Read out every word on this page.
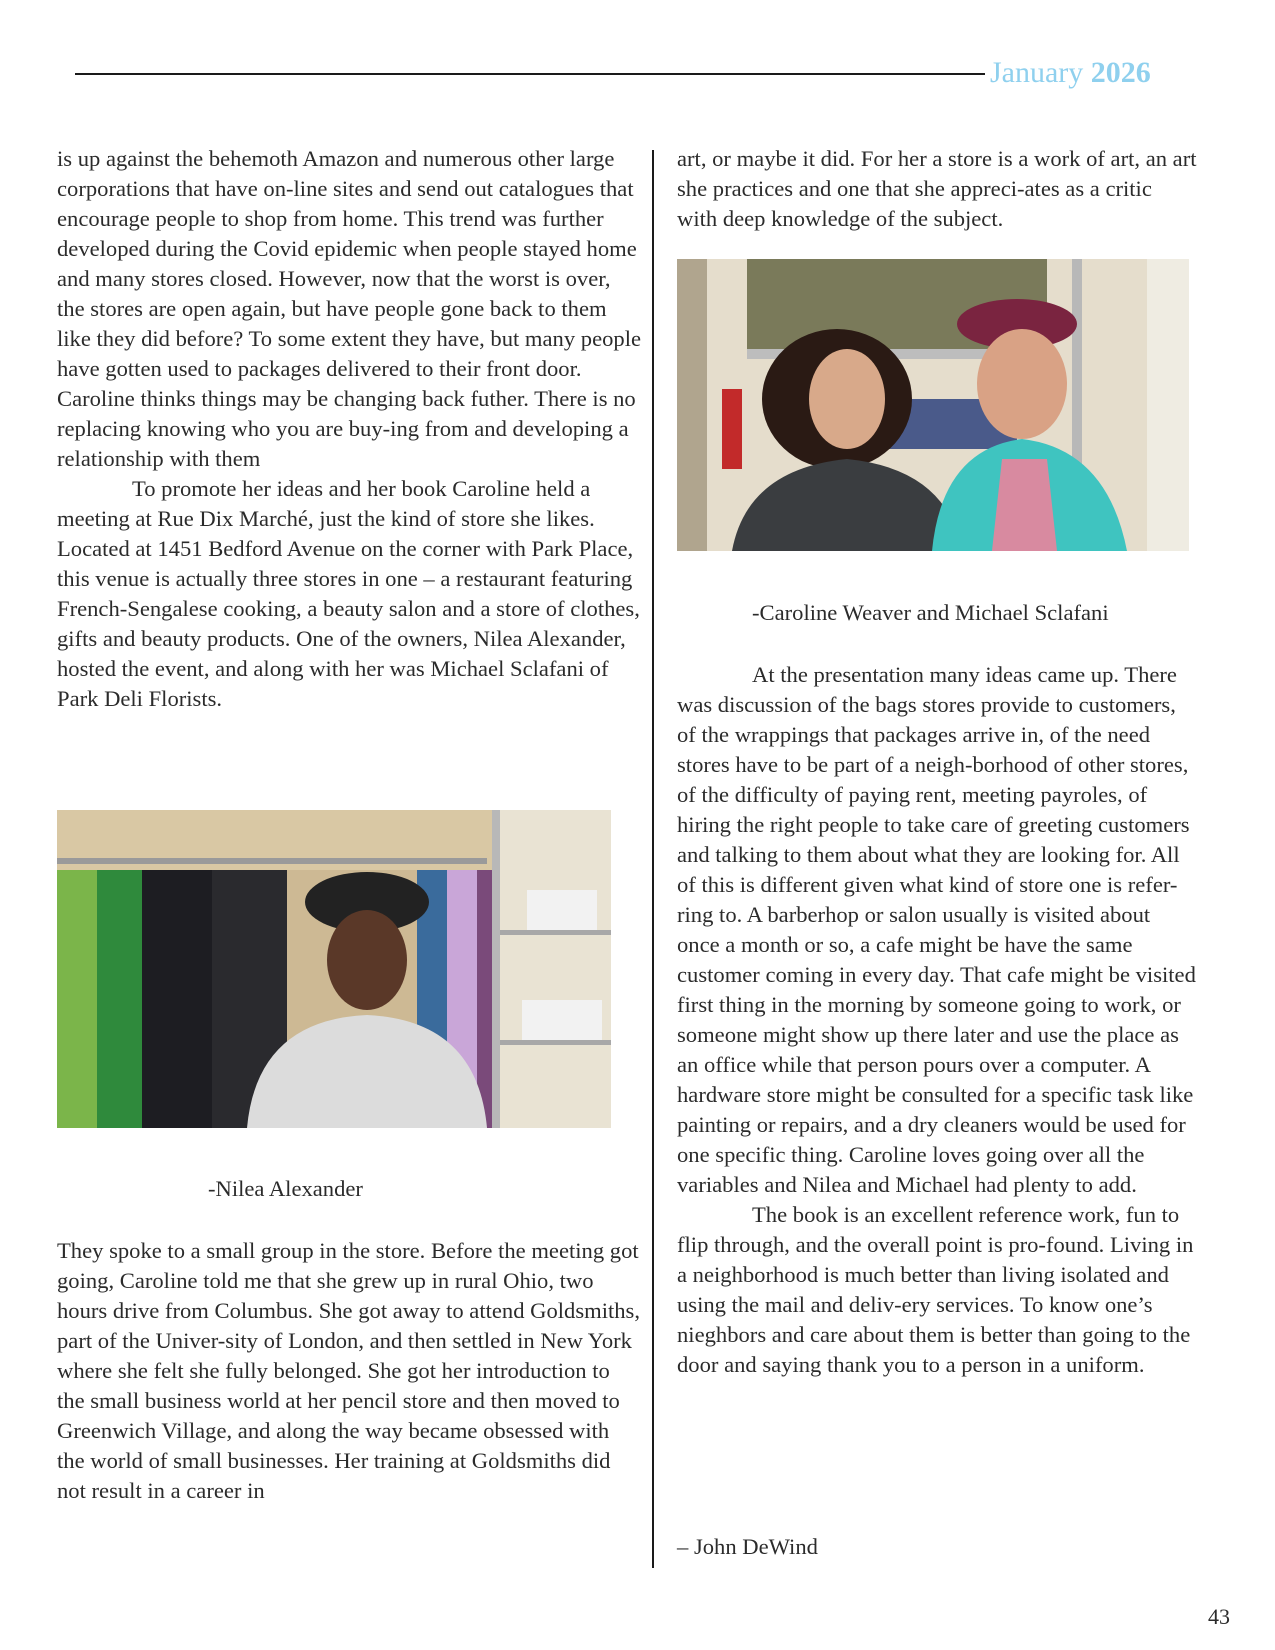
January 2026

is up against the behemoth Amazon and numerous other large corporations that have on-line sites and send out catalogues that encourage people to shop from home. This trend was further developed during the Covid epidemic when people stayed home and many stores closed. However, now that the worst is over, the stores are open again, but have people gone back to them like they did before? To some extent they have, but many people have gotten used to packages delivered to their front door. Caroline thinks things may be changing back futher. There is no replacing knowing who you are buy-ing from and developing a relationship with them

To promote her ideas and her book Caroline held a meeting at Rue Dix Marché, just the kind of store she likes. Located at 1451 Bedford Avenue on the corner with Park Place, this venue is actually three stores in one – a restaurant featuring French-Sengalese cooking, a beauty salon and a store of clothes, gifts and beauty products. One of the owners, Nilea Alexander, hosted the event, and along with her was Michael Sclafani of Park Deli Florists.

-Nilea Alexander

They spoke to a small group in the store. Before the meeting got going, Caroline told me that she grew up in rural Ohio, two hours drive from Columbus. She got away to attend Goldsmiths, part of the Univer-sity of London, and then settled in New York where she felt she fully belonged. She got her introduction to the small business world at her pencil store and then moved to Greenwich Village, and along the way became obsessed with the world of small businesses. Her training at Goldsmiths did not result in a career in

art, or maybe it did. For her a store is a work of art, an art she practices and one that she appreci-ates as a critic with deep knowledge of the subject.

-Caroline Weaver and Michael Sclafani

At the presentation many ideas came up. There was discussion of the bags stores provide to customers, of the wrappings that packages arrive in, of the need stores have to be part of a neigh-borhood of other stores, of the difficulty of paying rent, meeting payroles, of hiring the right people to take care of greeting customers and talking to them about what they are looking for. All of this is different given what kind of store one is refer-ring to. A barberhop or salon usually is visited about once a month or so, a cafe might be have the same customer coming in every day. That cafe might be visited first thing in the morning by someone going to work, or someone might show up there later and use the place as an office while that person pours over a computer. A hardware store might be consulted for a specific task like painting or repairs, and a dry cleaners would be used for one specific thing. Caroline loves going over all the variables and Nilea and Michael had plenty to add.

The book is an excellent reference work, fun to flip through, and the overall point is pro-found. Living in a neighborhood is much better than living isolated and using the mail and deliv-ery services. To know one’s nieghbors and care about them is better than going to the door and saying thank you to a person in a uniform.

– John DeWind
43
